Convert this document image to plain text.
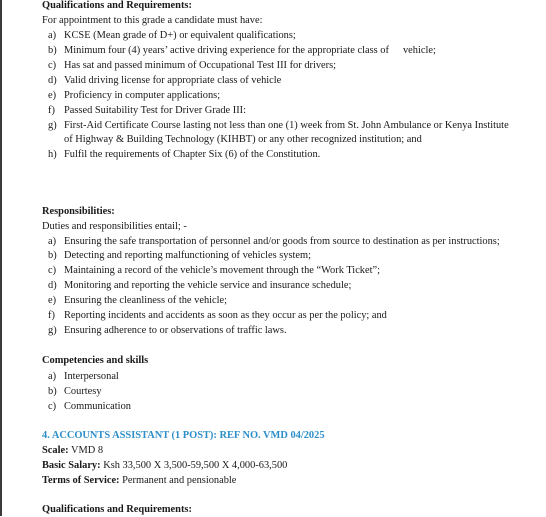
Qualifications and Requirements:
For appointment to this grade a candidate must have:
a) KCSE (Mean grade of D+) or equivalent qualifications;
b) Minimum four (4) years’ active driving experience for the appropriate class of vehicle;
c) Has sat and passed minimum of Occupational Test III for drivers;
d) Valid driving license for appropriate class of vehicle
e) Proficiency in computer applications;
f) Passed Suitability Test for Driver Grade III:
g) First-Aid Certificate Course lasting not less than one (1) week from St. John Ambulance or Kenya Institute
of Highway & Building Technology (KIHBT) or any other recognized institution; and
h) Fulfil the requirements of Chapter Six (6) of the Constitution.
Responsibilities:
Duties and responsibilities entail; -
a) Ensuring the safe transportation of personnel and/or goods from source to destination as per instructions;
b) Detecting and reporting malfunctioning of vehicles system;
c) Maintaining a record of the vehicle’s movement through the “Work Ticket”;
d) Monitoring and reporting the vehicle service and insurance schedule;
e) Ensuring the cleanliness of the vehicle;
f) Reporting incidents and accidents as soon as they occur as per the policy; and
g) Ensuring adherence to or observations of traffic laws.
Competencies and skills
a) Interpersonal
b) Courtesy
c) Communication
4. ACCOUNTS ASSISTANT (1 POST): REF NO. VMD 04/2025
Scale: VMD 8
Basic Salary: Ksh 33,500 X 3,500-59,500 X 4,000-63,500
Terms of Service: Permanent and pensionable
Qualifications and Requirements:
